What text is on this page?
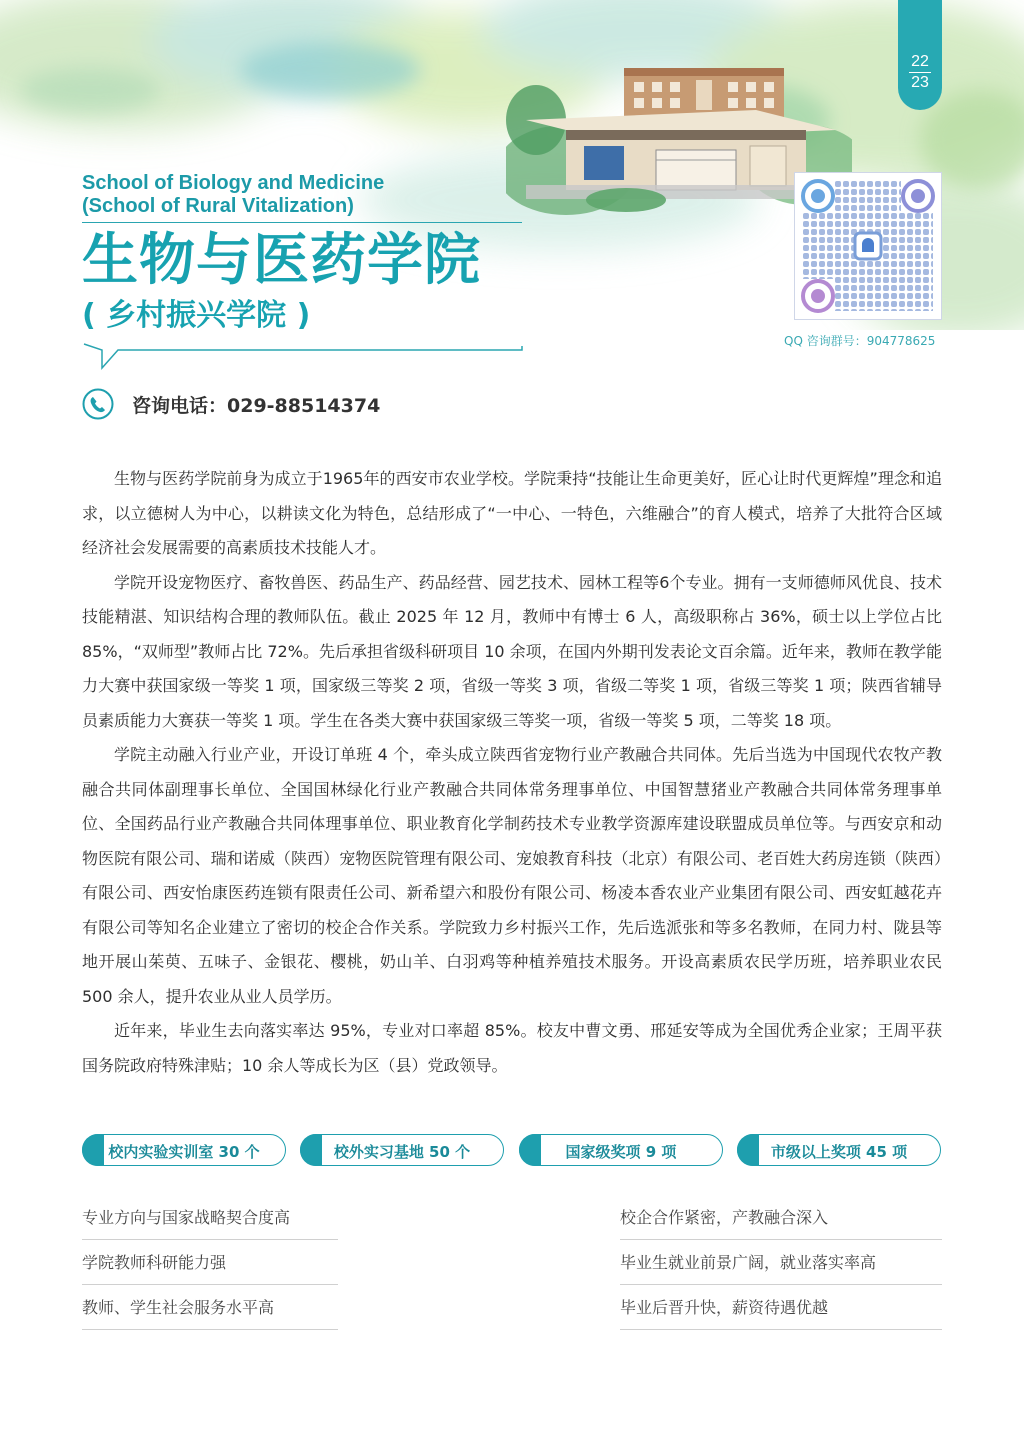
22
23
QQ 咨询群号：904778625
School of Biology and Medicine
(School of Rural Vitalization)
生物与医药学院
( 乡村振兴学院 )
咨询电话：029-88514374

生物与医药学院前身为成立于1965年的西安市农业学校。学院秉持“技能让生命更美好，匠心让时代更辉煌”理念和追求，以立德树人为中心，以耕读文化为特色，总结形成了“一中心、一特色，六维融合”的育人模式，培养了大批符合区域经济社会发展需要的高素质技术技能人才。

学院开设宠物医疗、畜牧兽医、药品生产、药品经营、园艺技术、园林工程等6个专业。拥有一支师德师风优良、技术技能精湛、知识结构合理的教师队伍。截止 2025 年 12 月，教师中有博士 6 人，高级职称占 36%，硕士以上学位占比 85%，“双师型”教师占比 72%。先后承担省级科研项目 10 余项，在国内外期刊发表论文百余篇。近年来，教师在教学能力大赛中获国家级一等奖 1 项，国家级三等奖 2 项，省级一等奖 3 项，省级二等奖 1 项，省级三等奖 1 项；陕西省辅导员素质能力大赛获一等奖 1 项。学生在各类大赛中获国家级三等奖一项，省级一等奖 5 项，二等奖 18 项。

学院主动融入行业产业，开设订单班 4 个，牵头成立陕西省宠物行业产教融合共同体。先后当选为中国现代农牧产教融合共同体副理事长单位、全国国林绿化行业产教融合共同体常务理事单位、中国智慧猪业产教融合共同体常务理事单位、全国药品行业产教融合共同体理事单位、职业教育化学制药技术专业教学资源库建设联盟成员单位等。与西安京和动物医院有限公司、瑞和诺威（陕西）宠物医院管理有限公司、宠娘教育科技（北京）有限公司、老百姓大药房连锁（陕西）有限公司、西安怡康医药连锁有限责任公司、新希望六和股份有限公司、杨凌本香农业产业集团有限公司、西安虹越花卉有限公司等知名企业建立了密切的校企合作关系。学院致力乡村振兴工作，先后选派张和等多名教师，在同力村、陇县等地开展山茱萸、五味子、金银花、樱桃，奶山羊、白羽鸡等种植养殖技术服务。开设高素质农民学历班，培养职业农民 500 余人，提升农业从业人员学历。

近年来，毕业生去向落实率达 95%，专业对口率超 85%。校友中曹文勇、邢延安等成为全国优秀企业家；王周平获国务院政府特殊津贴；10 余人等成长为区（县）党政领导。

校内实验实训室 30 个	校外实习基地 50 个	国家级奖项 9 项	市级以上奖项 45 项
专业方向与国家战略契合度高
学院教师科研能力强
教师、学生社会服务水平高
校企合作紧密，产教融合深入
毕业生就业前景广阔，就业落实率高
毕业后晋升快，薪资待遇优越
